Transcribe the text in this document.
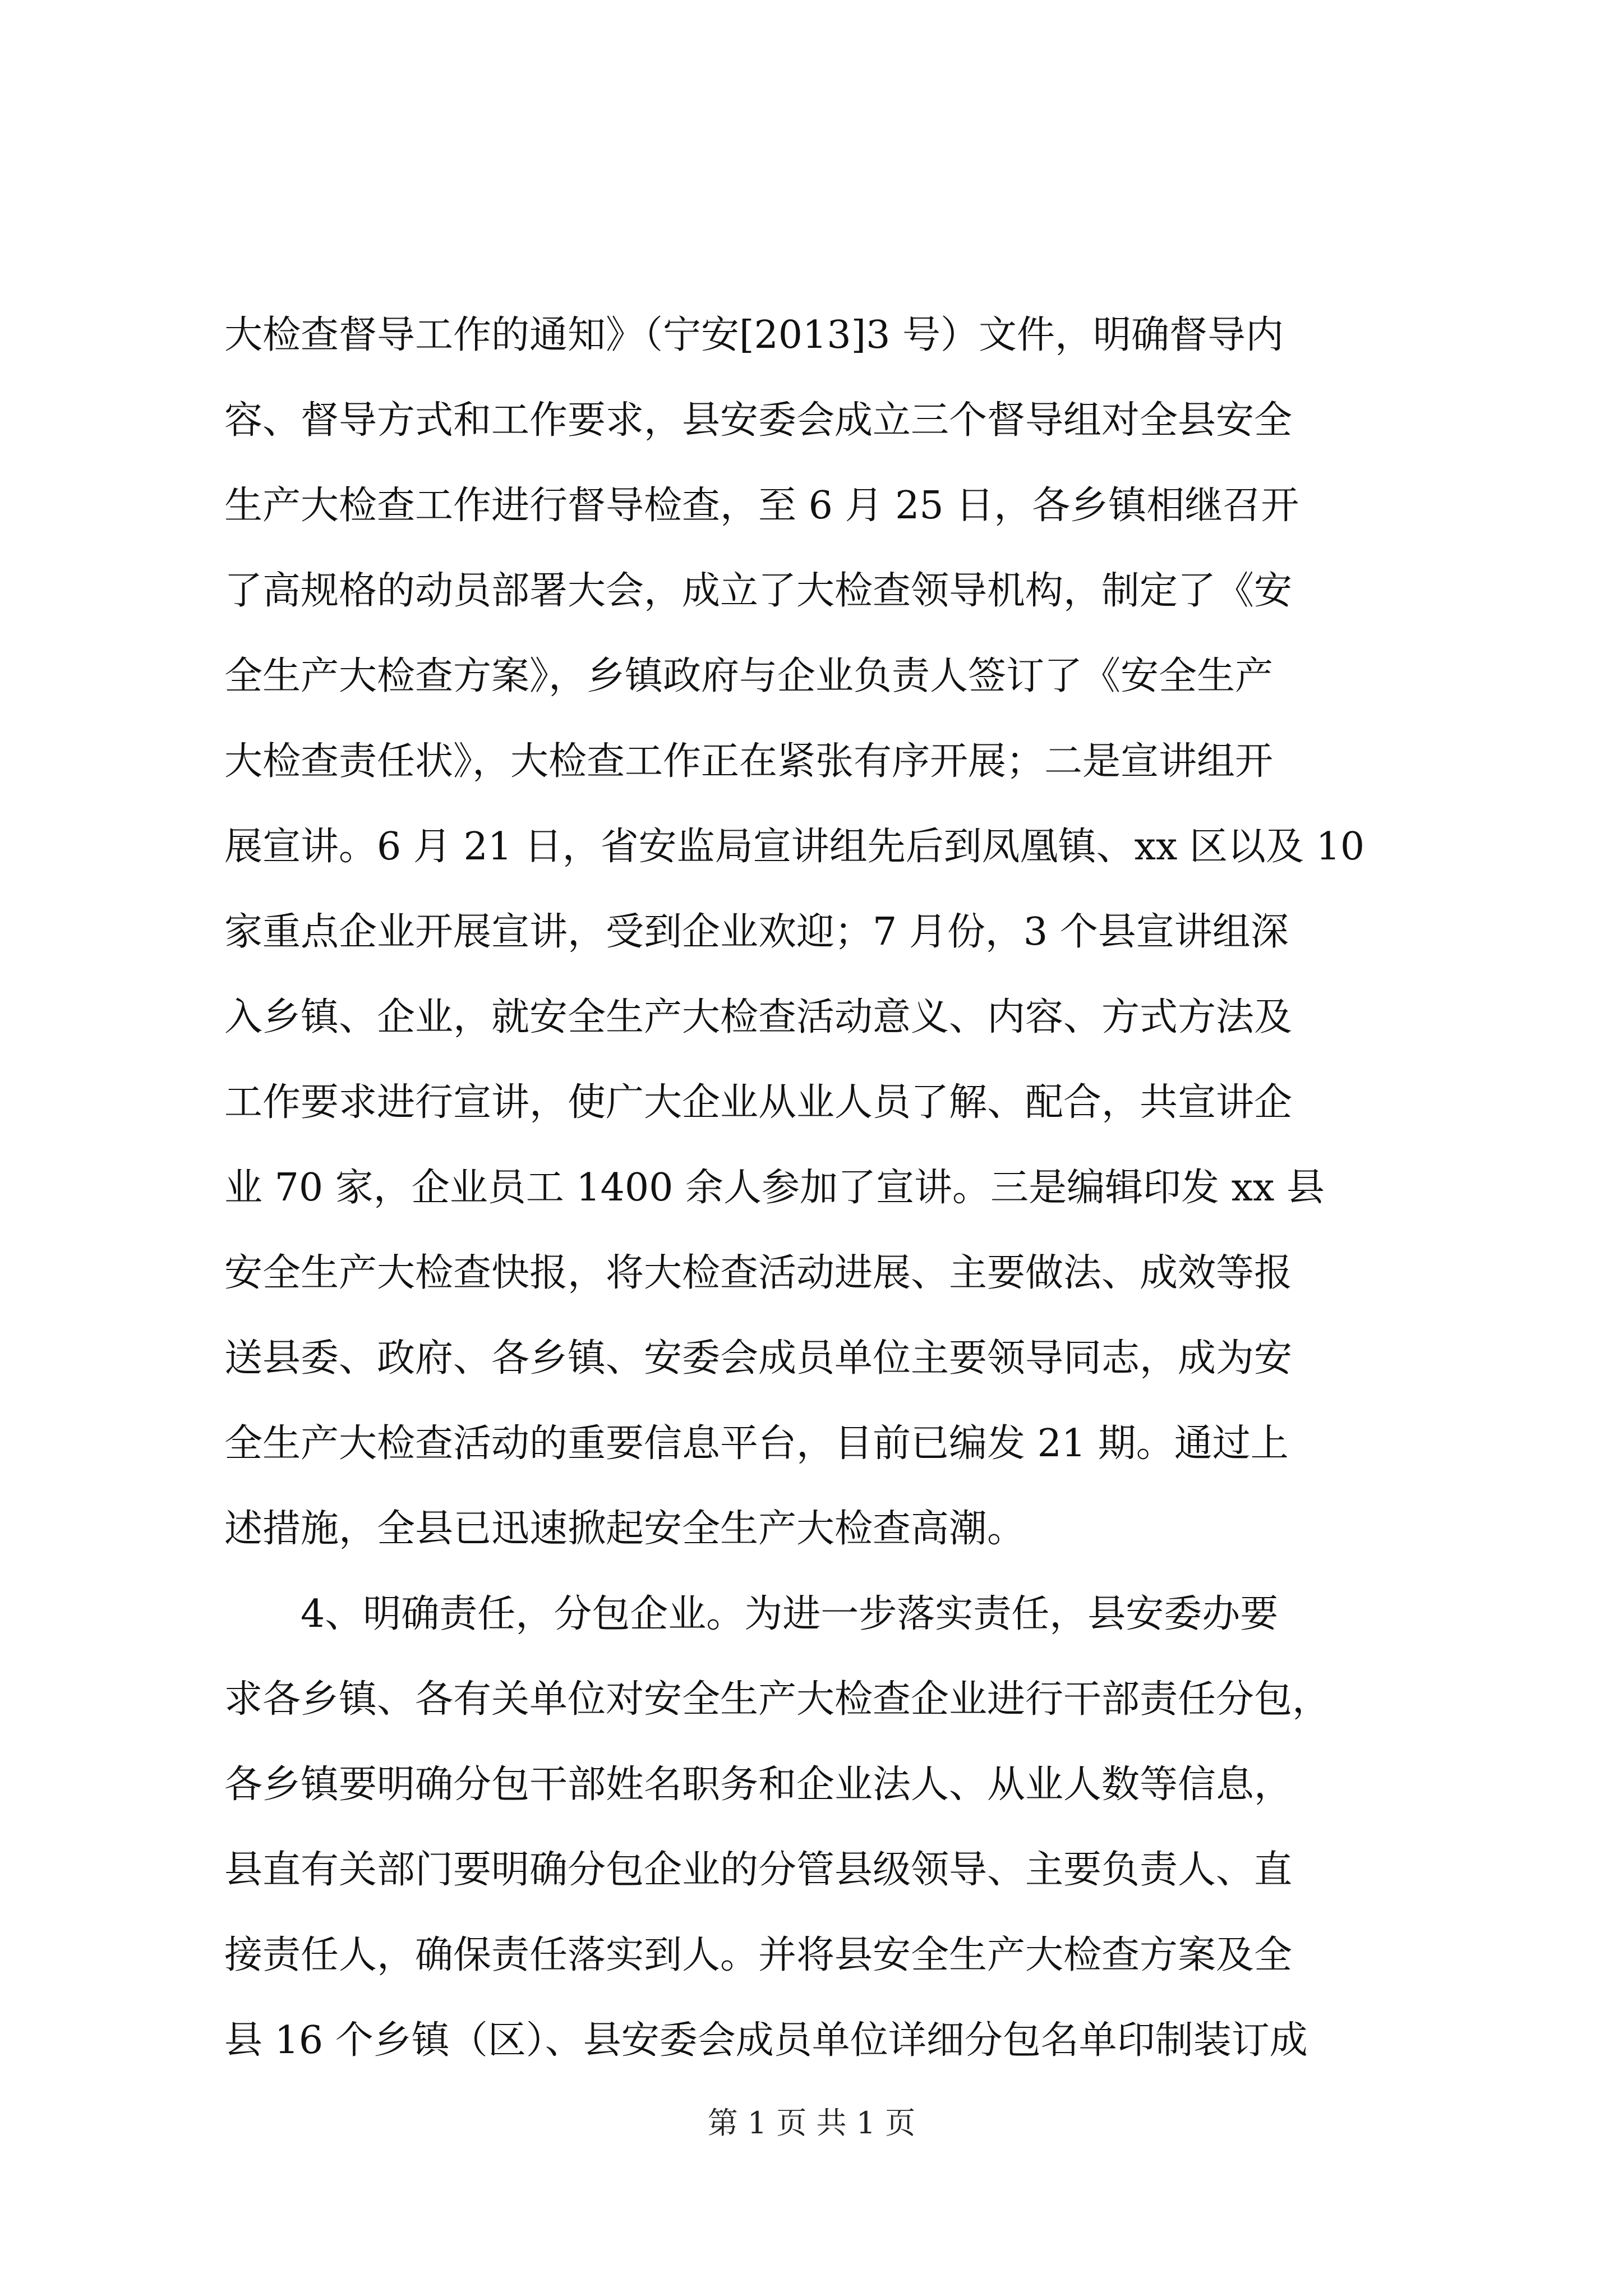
大检查督导工作的通知》（宁安[2013]3 号）文件，明确督导内
容、督导方式和工作要求，县安委会成立三个督导组对全县安全
生产大检查工作进行督导检查，至 6 月 25 日，各乡镇相继召开
了高规格的动员部署大会，成立了大检查领导机构，制定了《安
全生产大检查方案》，乡镇政府与企业负责人签订了《安全生产
大检查责任状》，大检查工作正在紧张有序开展；二是宣讲组开
展宣讲。6 月 21 日，省安监局宣讲组先后到凤凰镇、xx 区以及 10
家重点企业开展宣讲，受到企业欢迎；7 月份，3 个县宣讲组深
入乡镇、企业，就安全生产大检查活动意义、内容、方式方法及
工作要求进行宣讲，使广大企业从业人员了解、配合，共宣讲企
业 70 家，企业员工 1400 余人参加了宣讲。三是编辑印发 xx 县
安全生产大检查快报，将大检查活动进展、主要做法、成效等报
送县委、政府、各乡镇、安委会成员单位主要领导同志，成为安
全生产大检查活动的重要信息平台，目前已编发 21 期。通过上
述措施，全县已迅速掀起安全生产大检查高潮。
　　4、明确责任，分包企业。为进一步落实责任，县安委办要
求各乡镇、各有关单位对安全生产大检查企业进行干部责任分包，
各乡镇要明确分包干部姓名职务和企业法人、从业人数等信息，
县直有关部门要明确分包企业的分管县级领导、主要负责人、直
接责任人，确保责任落实到人。并将县安全生产大检查方案及全
县 16 个乡镇（区）、县安委会成员单位详细分包名单印制装订成
第 1 页 共 1 页
